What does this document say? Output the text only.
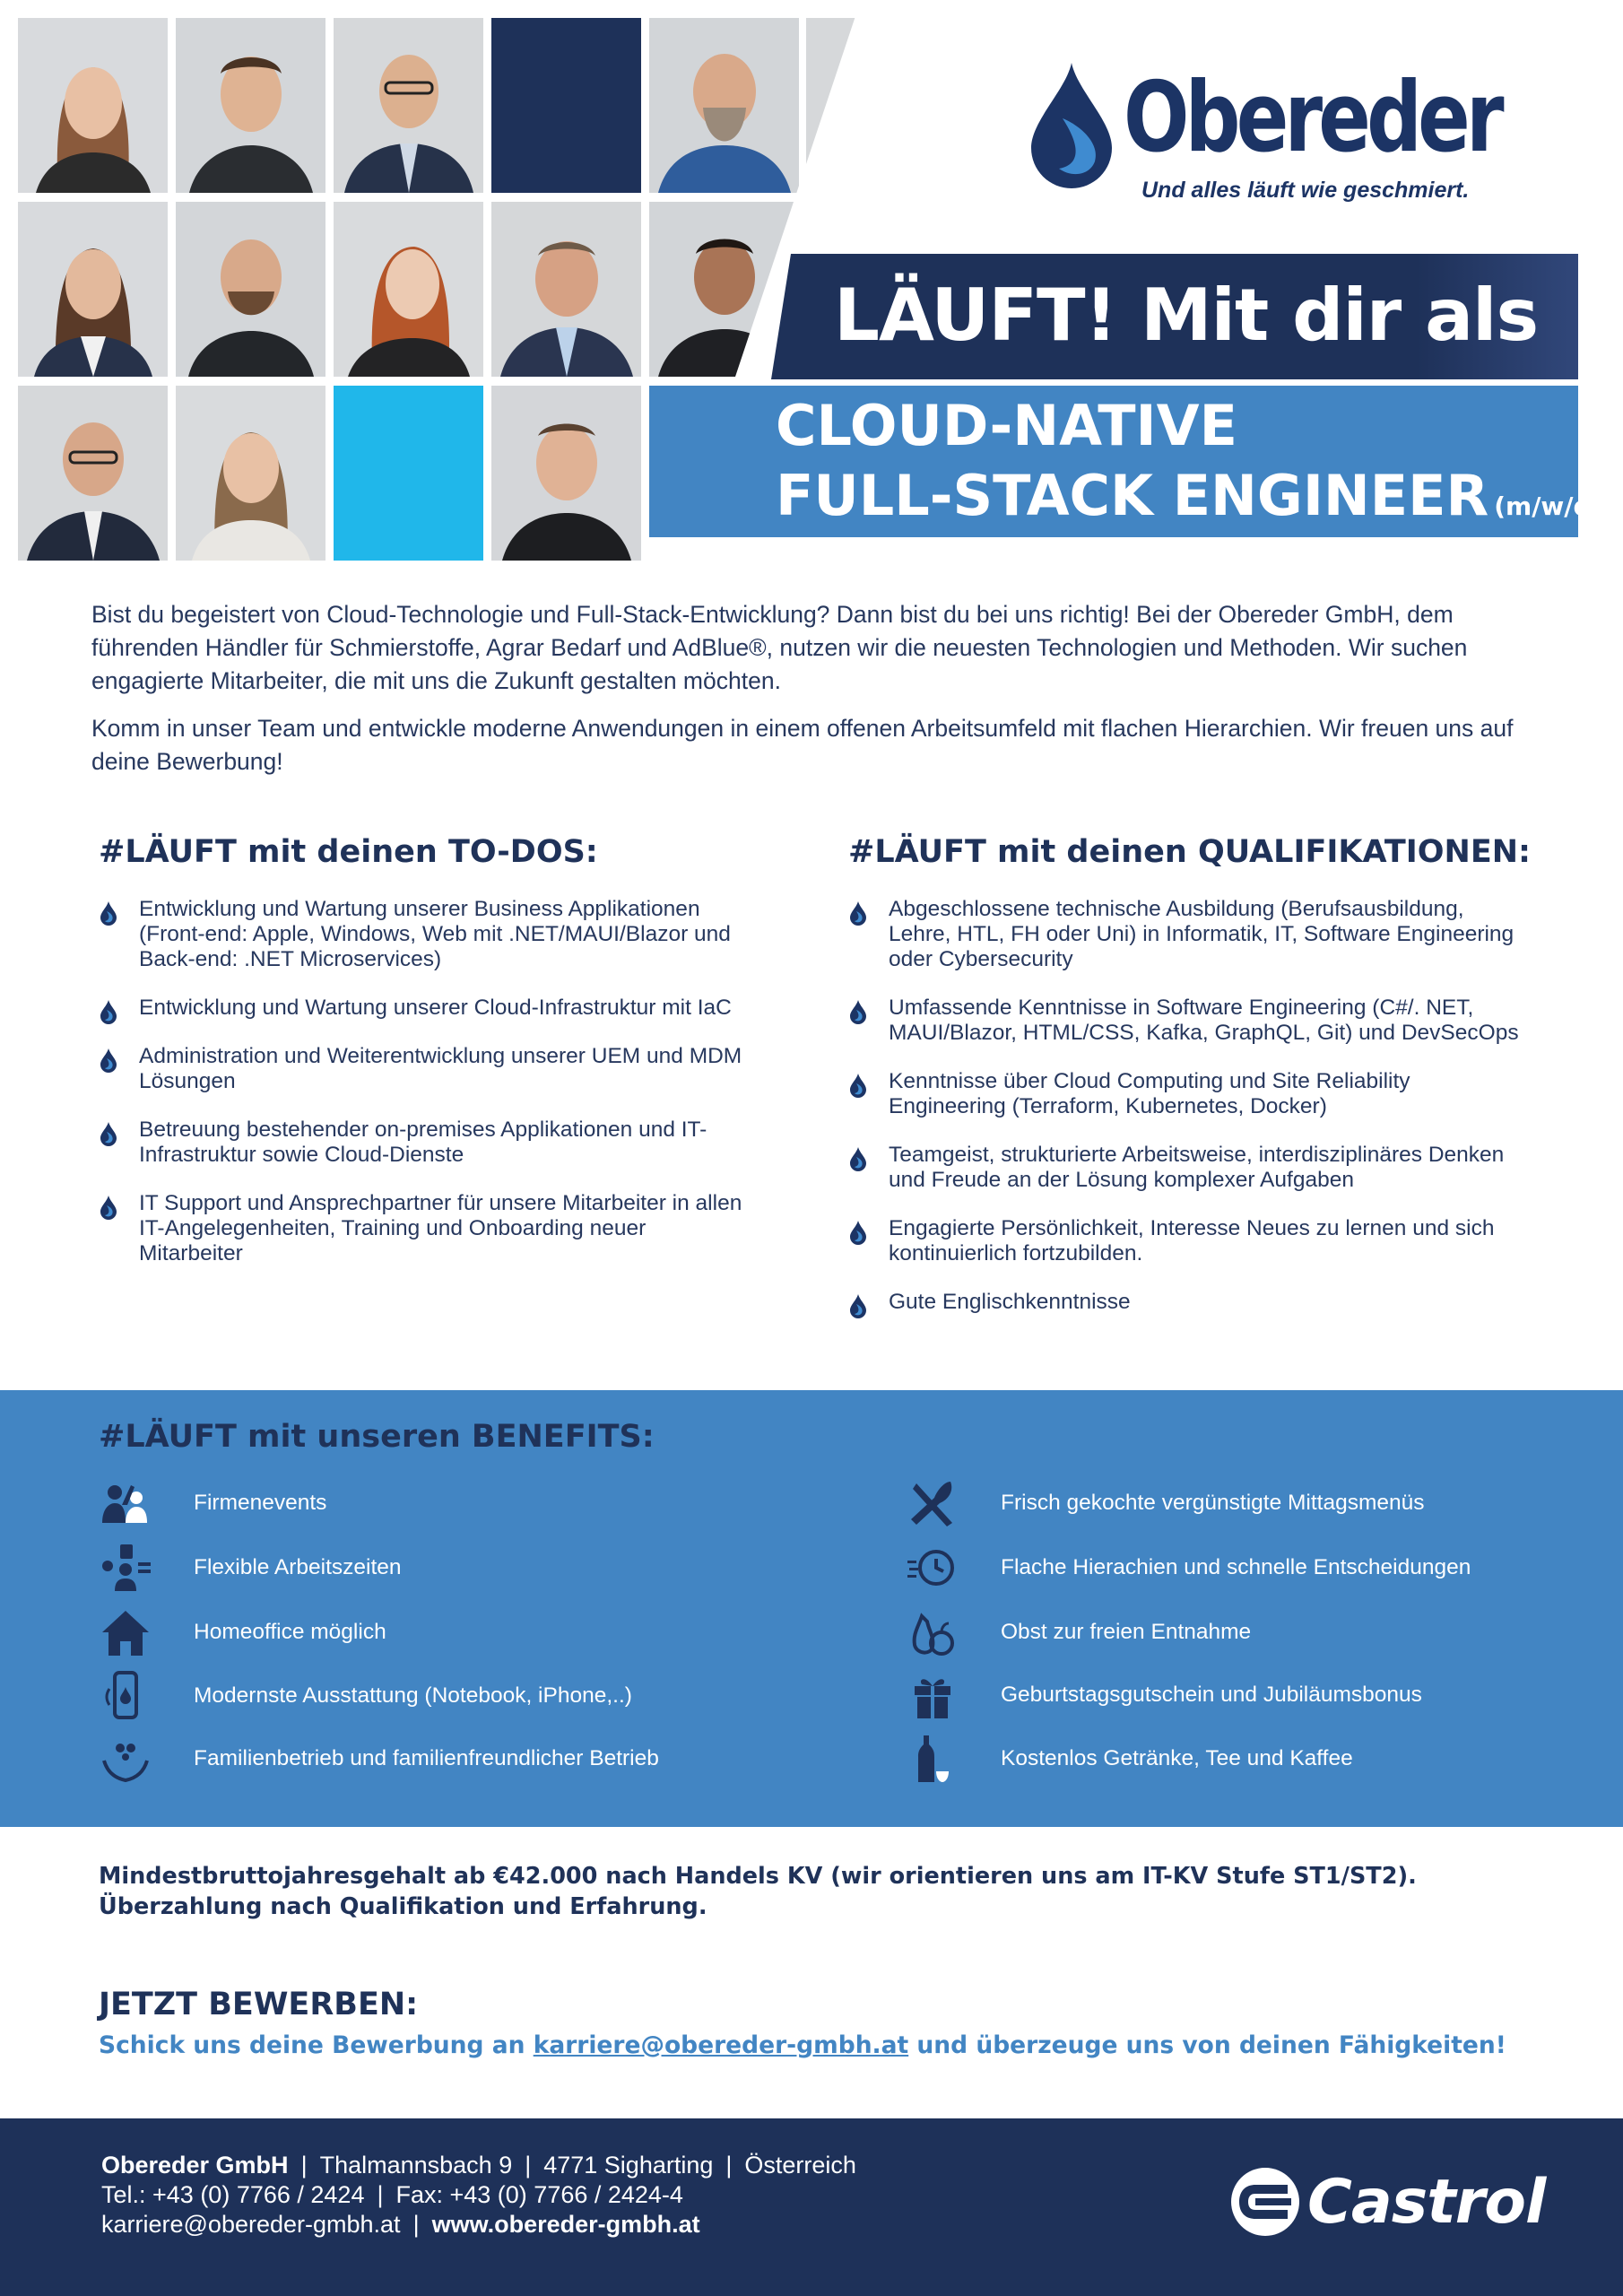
Obereder
Und alles läuft wie geschmiert.
LÄUFT! Mit dir als
CLOUD-NATIVE
FULL-STACK ENGINEER (m/w/d)

Bist du begeistert von Cloud-Technologie und Full-Stack-Entwicklung? Dann bist du bei uns richtig! Bei der Obereder GmbH, dem führenden Händler für Schmierstoffe, Agrar Bedarf und AdBlue®, nutzen wir die neuesten Technologien und Methoden. Wir suchen engagierte Mitarbeiter, die mit uns die Zukunft gestalten möchten.

Komm in unser Team und entwickle moderne Anwendungen in einem offenen Arbeitsumfeld mit flachen Hierarchien. Wir freuen uns auf deine Bewerbung!

#LÄUFT mit deinen TO-DOS:
Entwicklung und Wartung unserer Business Applikationen (Front-end: Apple, Windows, Web mit .NET/MAUI/Blazor und Back-end: .NET Microservices)
Entwicklung und Wartung unserer Cloud-Infrastruktur mit IaC
Administration und Weiterentwicklung unserer UEM und MDM Lösungen
Betreuung bestehender on-premises Applikationen und IT-Infrastruktur sowie Cloud-Dienste
IT Support und Ansprechpartner für unsere Mitarbeiter in allen IT-Angelegenheiten, Training und Onboarding neuer Mitarbeiter
#LÄUFT mit deinen QUALIFIKATIONEN:
Abgeschlossene technische Ausbildung (Berufsausbildung, Lehre, HTL, FH oder Uni) in Informatik, IT, Software Engineering oder Cybersecurity
Umfassende Kenntnisse in Software Engineering (C#/. NET, MAUI/Blazor, HTML/CSS, Kafka, GraphQL, Git) und DevSecOps
Kenntnisse über Cloud Computing und Site Reliability Engineering (Terraform, Kubernetes, Docker)
Teamgeist, strukturierte Arbeitsweise, interdisziplinäres Denken und Freude an der Lösung komplexer Aufgaben
Engagierte Persönlichkeit, Interesse Neues zu lernen und sich kontinuierlich fortzubilden.
Gute Englischkenntnisse
#LÄUFT mit unseren BENEFITS:
Firmenevents
Flexible Arbeitszeiten
Homeoffice möglich
Modernste Ausstattung (Notebook, iPhone,..)
Familienbetrieb und familienfreundlicher Betrieb
Frisch gekochte vergünstigte Mittagsmenüs
Flache Hierachien und schnelle Entscheidungen
Obst zur freien Entnahme
Geburtstagsgutschein und Jubiläumsbonus
Kostenlos Getränke, Tee und Kaffee
Mindestbruttojahresgehalt ab €42.000 nach Handels KV (wir orientieren uns am IT-KV Stufe ST1/ST2).
Überzahlung nach Qualifikation und Erfahrung.
JETZT BEWERBEN:
Schick uns deine Bewerbung an karriere@obereder-gmbh.at und überzeuge uns von deinen Fähigkeiten!
Obereder GmbH | Thalmannsbach 9 | 4771 Sigharting | Österreich
Tel.: +43 (0) 7766 / 2424 | Fax: +43 (0) 7766 / 2424-4
karriere@obereder-gmbh.at | www.obereder-gmbh.at	Castrol
